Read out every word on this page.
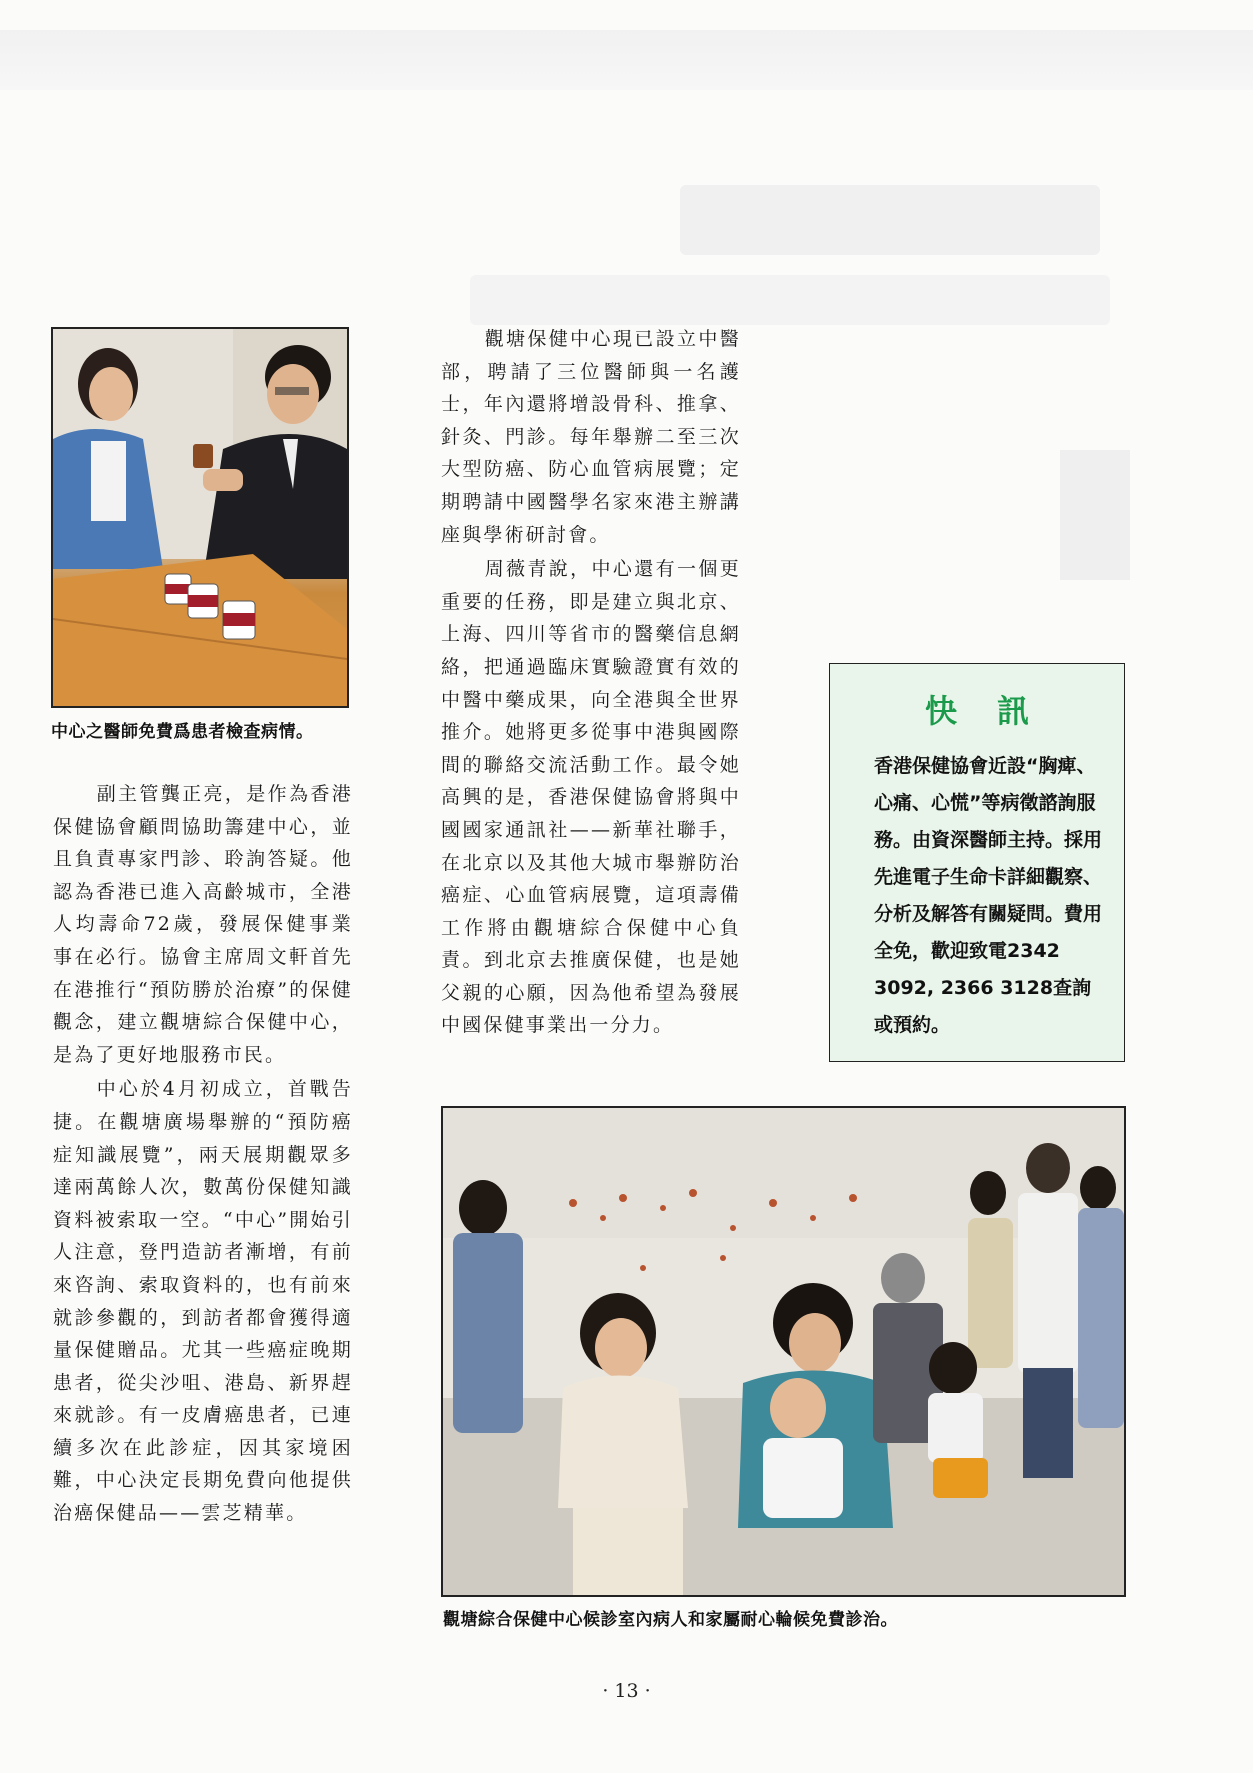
中心之醫師免費爲患者檢查病情。

副主管龔正亮，是作為香港保健協會顧問協助籌建中心，並且負責專家門診、聆詢答疑。他認為香港已進入高齡城市，全港人均壽命72歲，發展保健事業事在必行。協會主席周文軒首先在港推行“預防勝於治療”的保健觀念，建立觀塘綜合保健中心，是為了更好地服務市民。

中心於4月初成立，首戰告捷。在觀塘廣場舉辦的“預防癌症知識展覽”，兩天展期觀眾多達兩萬餘人次，數萬份保健知識資料被索取一空。“中心”開始引人注意，登門造訪者漸增，有前來咨詢、索取資料的，也有前來就診參觀的，到訪者都會獲得適量保健贈品。尤其一些癌症晚期患者，從尖沙咀、港島、新界趕來就診。有一皮膚癌患者，已連續多次在此診症，因其家境困難，中心決定長期免費向他提供治癌保健品——雲芝精華。

觀塘保健中心現已設立中醫部，聘請了三位醫師與一名護士，年內還將增設骨科、推拿、針灸、門診。每年舉辦二至三次大型防癌、防心血管病展覽；定期聘請中國醫學名家來港主辦講座與學術研討會。

周薇青說，中心還有一個更重要的任務，即是建立與北京、上海、四川等省市的醫藥信息網絡，把通過臨床實驗證實有效的中醫中藥成果，向全港與全世界推介。她將更多從事中港與國際間的聯絡交流活動工作。最令她高興的是，香港保健協會將與中國國家通訊社——新華社聯手，在北京以及其他大城市舉辦防治癌症、心血管病展覽，這項壽備工作將由觀塘綜合保健中心負責。到北京去推廣保健，也是她父親的心願，因為他希望為發展中國保健事業出一分力。

快訊
香港保健協會近設“胸痺、心痛、心慌”等病徵諮詢服務。由資深醫師主持。採用先進電子生命卡詳細觀察、分析及解答有關疑問。費用全免，歡迎致電2342 3092, 2366 3128查詢或預約。
觀塘綜合保健中心候診室內病人和家屬耐心輪候免費診治。
· 13 ·
